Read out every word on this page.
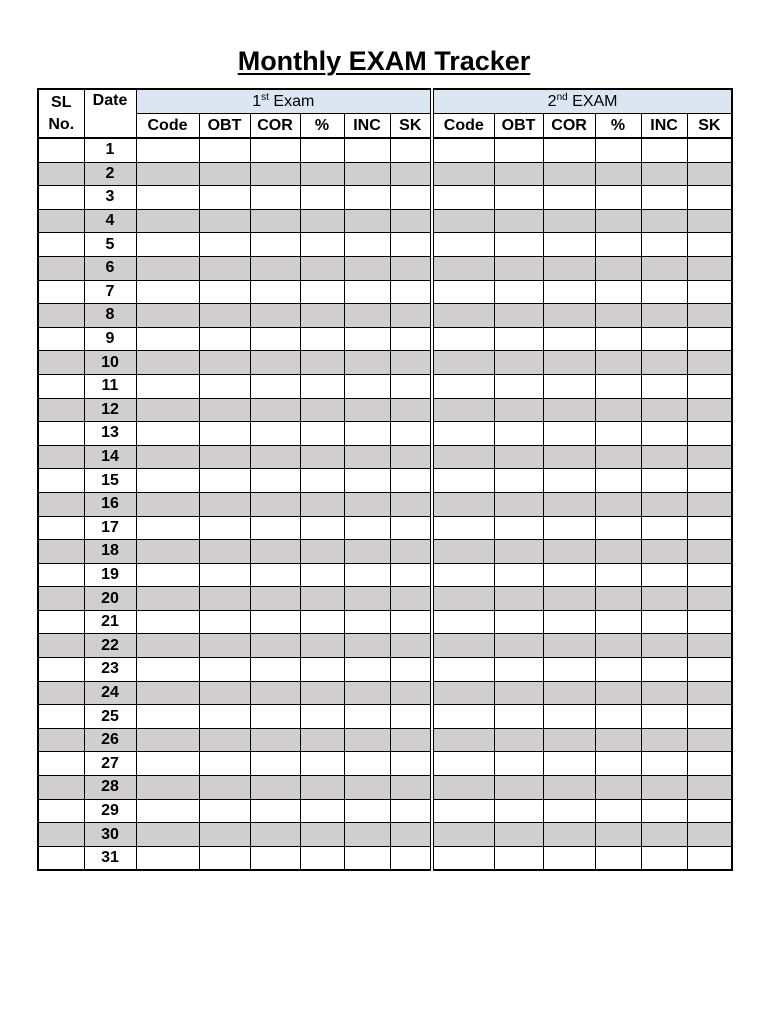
Monthly EXAM Tracker
SL
No.	Date	1st Exam						2nd EXAM					
		Code	OBT	COR	%	INC	SK	Code	OBT	COR	%	INC	SK
	1												
	2												
	3												
	4												
	5												
	6												
	7												
	8												
	9												
	10												
	11												
	12												
	13												
	14												
	15												
	16												
	17												
	18												
	19												
	20												
	21												
	22												
	23												
	24												
	25												
	26												
	27												
	28												
	29												
	30												
	31												
